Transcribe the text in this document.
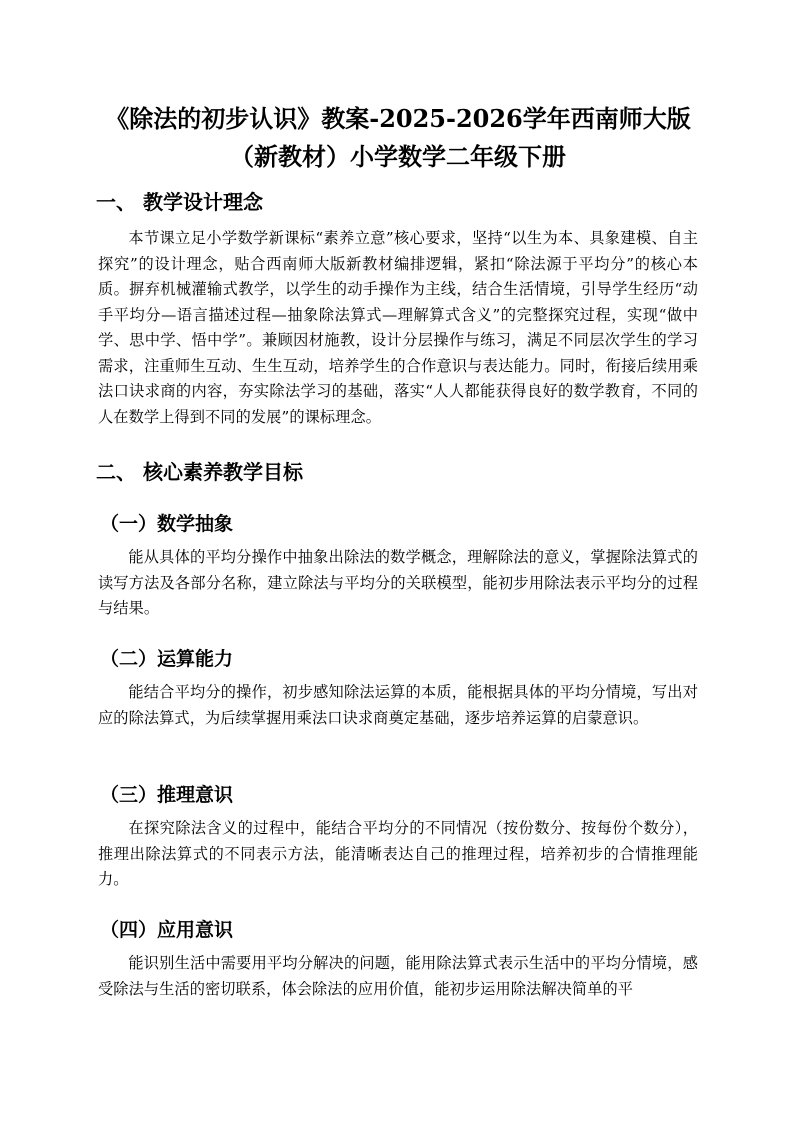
《除法的初步认识》教案-2025-2026学年西南师大版（新教材）小学数学二年级下册
一、 教学设计理念

本节课立足小学数学新课标“素养立意”核心要求，坚持“以生为本、具象建模、自主探究”的设计理念，贴合西南师大版新教材编排逻辑，紧扣“除法源于平均分”的核心本质。摒弃机械灌输式教学，以学生的动手操作为主线，结合生活情境，引导学生经历“动手平均分—语言描述过程—抽象除法算式—理解算式含义”的完整探究过程，实现“做中学、思中学、悟中学”。兼顾因材施教，设计分层操作与练习，满足不同层次学生的学习需求，注重师生互动、生生互动，培养学生的合作意识与表达能力。同时，衔接后续用乘法口诀求商的内容，夯实除法学习的基础，落实“人人都能获得良好的数学教育，不同的人在数学上得到不同的发展”的课标理念。

二、 核心素养教学目标
（一）数学抽象

能从具体的平均分操作中抽象出除法的数学概念，理解除法的意义，掌握除法算式的读写方法及各部分名称，建立除法与平均分的关联模型，能初步用除法表示平均分的过程与结果。

（二）运算能力

能结合平均分的操作，初步感知除法运算的本质，能根据具体的平均分情境，写出对应的除法算式，为后续掌握用乘法口诀求商奠定基础，逐步培养运算的启蒙意识。

（三）推理意识

在探究除法含义的过程中，能结合平均分的不同情况（按份数分、按每份个数分），推理出除法算式的不同表示方法，能清晰表达自己的推理过程，培养初步的合情推理能力。

（四）应用意识

能识别生活中需要用平均分解决的问题，能用除法算式表示生活中的平均分情境，感受除法与生活的密切联系，体会除法的应用价值，能初步运用除法解决简单的平
